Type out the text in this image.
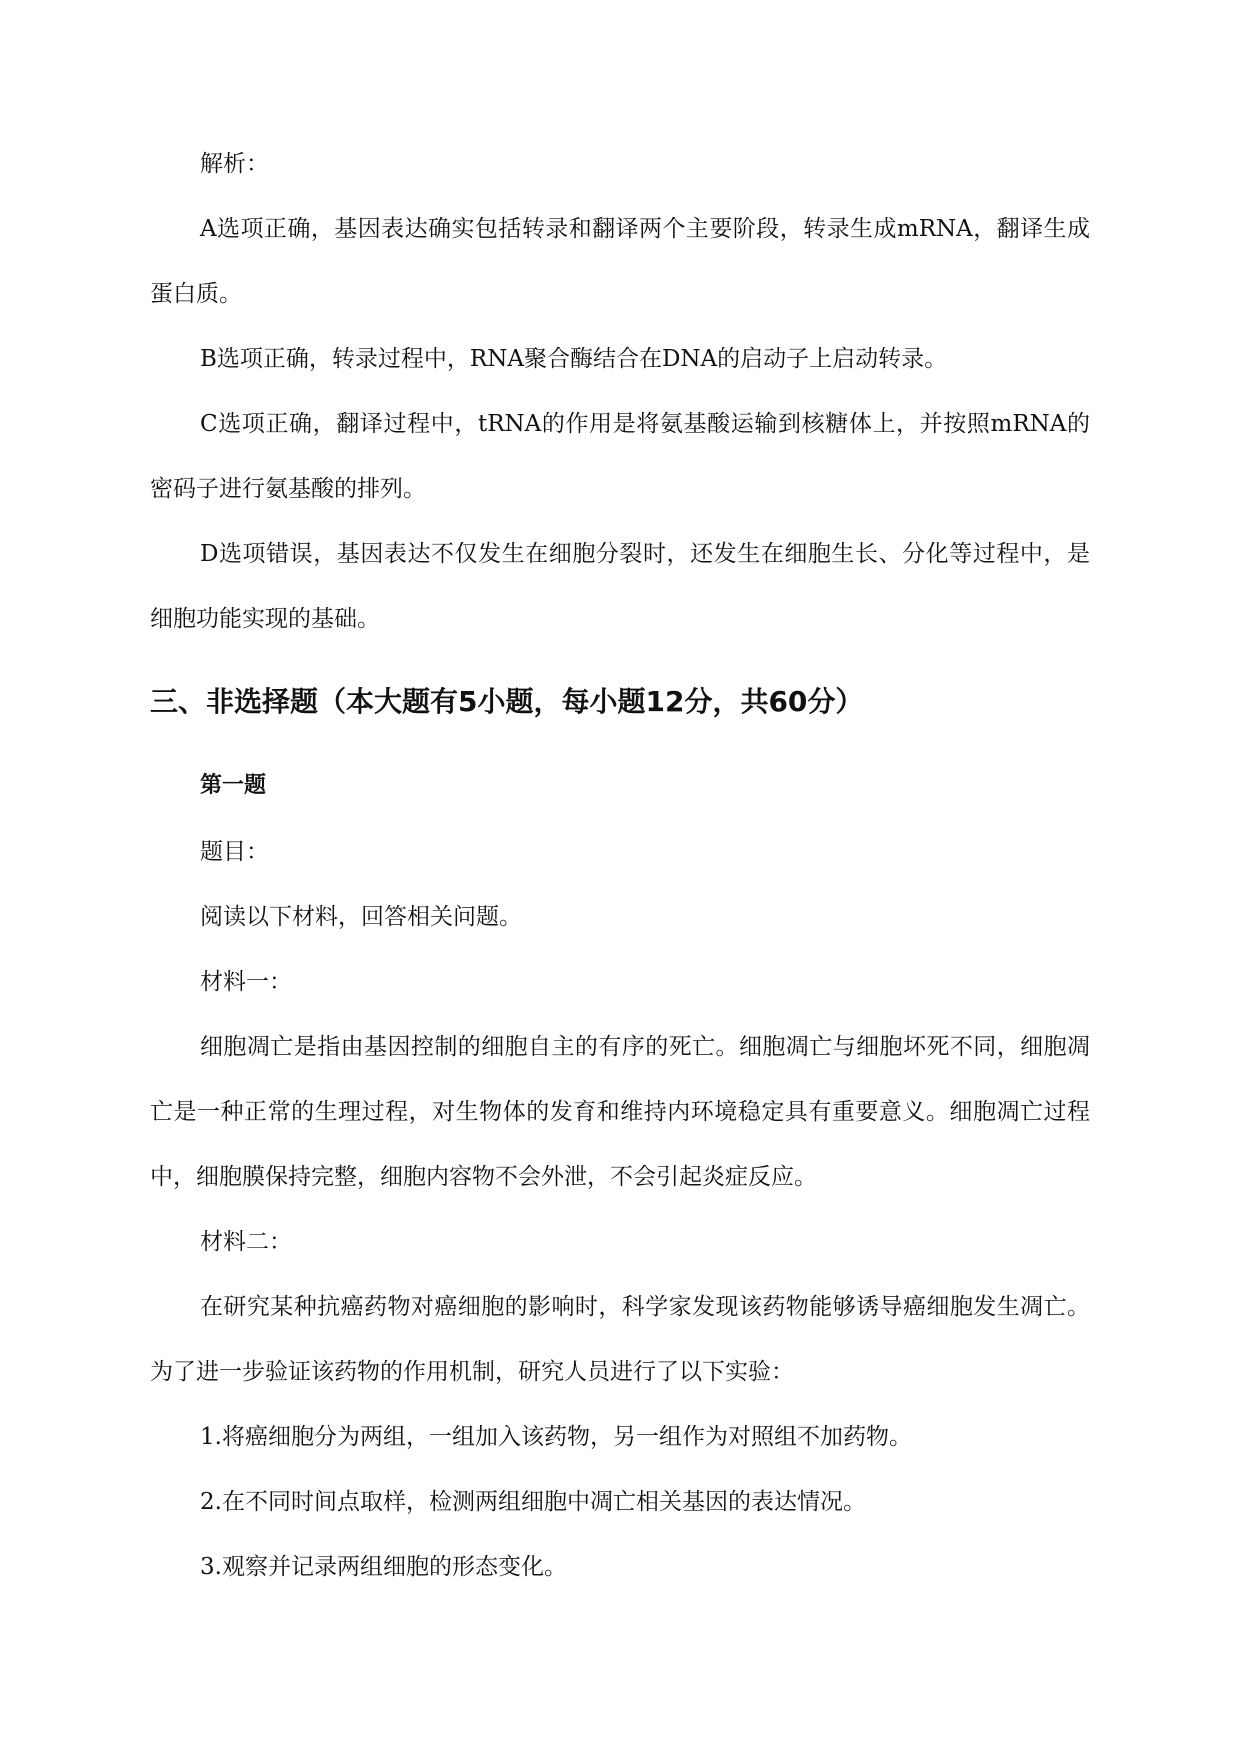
解析：

A选项正确，基因表达确实包括转录和翻译两个主要阶段，转录生成mRNA，翻译生成蛋白质。

B选项正确，转录过程中，RNA聚合酶结合在DNA的启动子上启动转录。

C选项正确，翻译过程中，tRNA的作用是将氨基酸运输到核糖体上，并按照mRNA的密码子进行氨基酸的排列。

D选项错误，基因表达不仅发生在细胞分裂时，还发生在细胞生长、分化等过程中，是细胞功能实现的基础。

三、非选择题（本大题有5小题，每小题12分，共60分）
第一题

题目：

阅读以下材料，回答相关问题。

材料一：

细胞凋亡是指由基因控制的细胞自主的有序的死亡。细胞凋亡与细胞坏死不同，细胞凋亡是一种正常的生理过程，对生物体的发育和维持内环境稳定具有重要意义。细胞凋亡过程中，细胞膜保持完整，细胞内容物不会外泄，不会引起炎症反应。

材料二：

在研究某种抗癌药物对癌细胞的影响时，科学家发现该药物能够诱导癌细胞发生凋亡。为了进一步验证该药物的作用机制，研究人员进行了以下实验：

1.将癌细胞分为两组，一组加入该药物，另一组作为对照组不加药物。

2.在不同时间点取样，检测两组细胞中凋亡相关基因的表达情况。

3.观察并记录两组细胞的形态变化。
